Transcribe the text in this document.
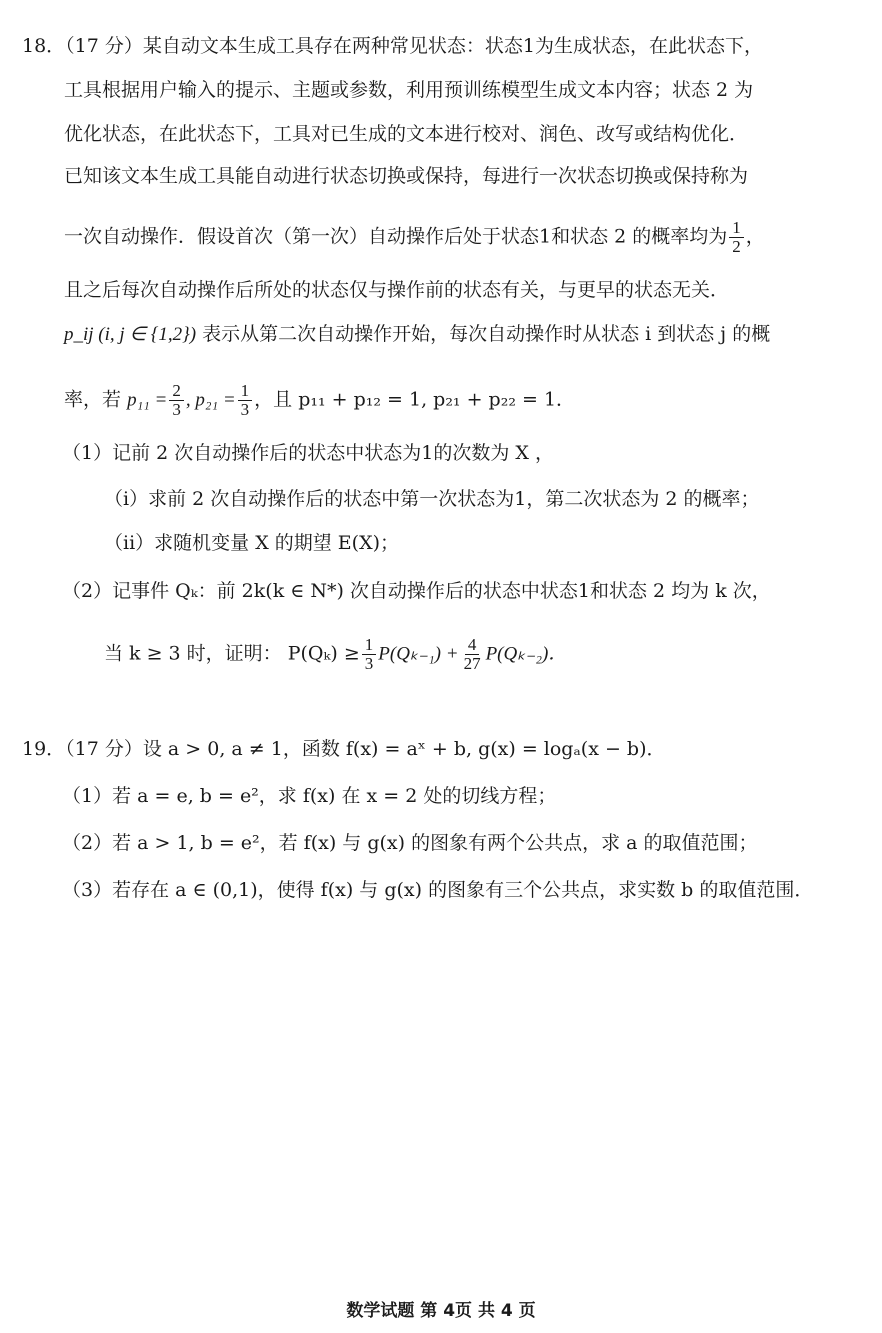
18．（17 分）某自动文本生成工具存在两种常见状态：状态1为生成状态，在此状态下，
工具根据用户输入的提示、主题或参数，利用预训练模型生成文本内容；状态 2 为
优化状态，在此状态下，工具对已生成的文本进行校对、润色、改写或结构优化．
已知该文本生成工具能自动进行状态切换或保持，每进行一次状态切换或保持称为
一次自动操作．假设首次（第一次）自动操作后处于状态1和状态 2 的概率均为 $\frac{1}{2}$ ，
且之后每次自动操作后所处的状态仅与操作前的状态有关，与更早的状态无关．
p_ij (i, j ∈ {1,2}) 表示从第二次自动操作开始，每次自动操作时从状态 i 到状态 j 的概
率，若 $p_{11} = \frac{2}{3}$ , $p_{21} = \frac{1}{3}$ ，且 p₁₁ + p₁₂ = 1, p₂₁ + p₂₂ = 1．
（1）记前 2 次自动操作后的状态中状态为1的次数为 X ，
（i）求前 2 次自动操作后的状态中第一次状态为1，第二次状态为 2 的概率；
（ii）求随机变量 X 的期望 E(X)；
（2）记事件 Qₖ：前 2k(k ∈ N*) 次自动操作后的状态中状态1和状态 2 均为 k 次，
当 k ≥ 3 时，证明： $P(Q_k) \ge \frac{1}{3} P(Q_{k-1}) + \frac{4}{27} P(Q_{k-2})$．
19．（17 分）设 a > 0, a ≠ 1，函数 f(x) = aˣ + b, g(x) = logₐ(x − b)．
（1）若 a = e, b = e²，求 f(x) 在 x = 2 处的切线方程；
（2）若 a > 1, b = e²，若 f(x) 与 g(x) 的图象有两个公共点，求 a 的取值范围；
（3）若存在 a ∈ (0,1)，使得 f(x) 与 g(x) 的图象有三个公共点，求实数 b 的取值范围．
数学试题 第 4页 共 4 页
